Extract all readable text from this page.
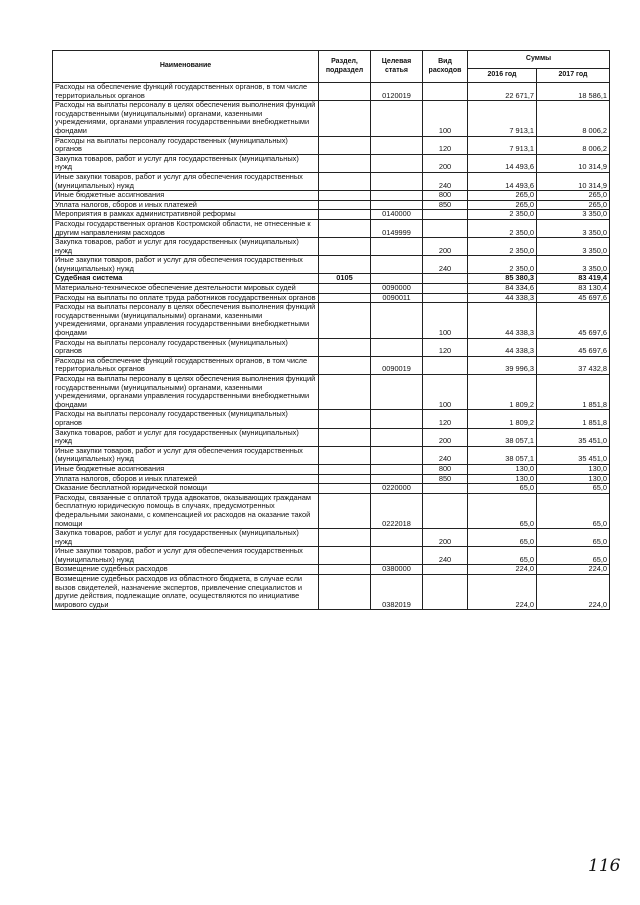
Наименование	Раздел, подраздел	Целевая статья	Вид расходов	Суммы	
				2016 год	2017 год
Расходы на обеспечение функций государственных органов, в том числе территориальных органов		0120019		22 671,7	18 586,1
Расходы на выплаты персоналу в целях обеспечения выполнения функций государственными (муниципальными) органами, казенными учреждениями, органами управления государственными внебюджетными фондами			100	7 913,1	8 006,2
Расходы на выплаты персоналу государственных (муниципальных) органов			120	7 913,1	8 006,2
Закупка товаров, работ и услуг для государственных (муниципальных) нужд			200	14 493,6	10 314,9
Иные закупки товаров, работ и услуг для обеспечения государственных (муниципальных) нужд			240	14 493,6	10 314,9
Иные бюджетные ассигнования			800	265,0	265,0
Уплата налогов, сборов и иных платежей			850	265,0	265,0
Мероприятия в рамках административной реформы		0140000		2 350,0	3 350,0
Расходы государственных органов Костромской области, не отнесенные к другим направлениям расходов		0149999		2 350,0	3 350,0
Закупка товаров, работ и услуг для государственных (муниципальных) нужд			200	2 350,0	3 350,0
Иные закупки товаров, работ и услуг для обеспечения государственных (муниципальных) нужд			240	2 350,0	3 350,0
Судебная система	0105			85 380,3	83 419,4
Материально-техническое обеспечение деятельности мировых судей		0090000		84 334,6	83 130,4
Расходы на выплаты по оплате труда работников государственных органов		0090011		44 338,3	45 697,6
Расходы на выплаты персоналу в целях обеспечения выполнения функций государственными (муниципальными) органами, казенными учреждениями, органами управления государственными внебюджетными фондами			100	44 338,3	45 697,6
Расходы на выплаты персоналу государственных (муниципальных) органов			120	44 338,3	45 697,6
Расходы на обеспечение функций государственных органов, в том числе территориальных органов		0090019		39 996,3	37 432,8
Расходы на выплаты персоналу в целях обеспечения выполнения функций государственными (муниципальными) органами, казенными учреждениями, органами управления государственными внебюджетными фондами			100	1 809,2	1 851,8
Расходы на выплаты персоналу государственных (муниципальных) органов			120	1 809,2	1 851,8
Закупка товаров, работ и услуг для государственных (муниципальных) нужд			200	38 057,1	35 451,0
Иные закупки товаров, работ и услуг для обеспечения государственных (муниципальных) нужд			240	38 057,1	35 451,0
Иные бюджетные ассигнования			800	130,0	130,0
Уплата налогов, сборов и иных платежей			850	130,0	130,0
Оказание бесплатной юридической помощи		0220000		65,0	65,0
Расходы, связанные с оплатой труда адвокатов, оказывающих гражданам бесплатную юридическую помощь в случаях, предусмотренных федеральными законами, с компенсацией их расходов на оказание такой помощи		0222018		65,0	65,0
Закупка товаров, работ и услуг для государственных (муниципальных) нужд			200	65,0	65,0
Иные закупки товаров, работ и услуг для обеспечения государственных (муниципальных) нужд			240	65,0	65,0
Возмещение судебных расходов		0380000		224,0	224,0
Возмещение судебных расходов из областного бюджета, в случае если вызов свидетелей, назначение экспертов, привлечение специалистов и другие действия, подлежащие оплате, осуществляются по инициативе мирового судьи		0382019		224,0	224,0
116
